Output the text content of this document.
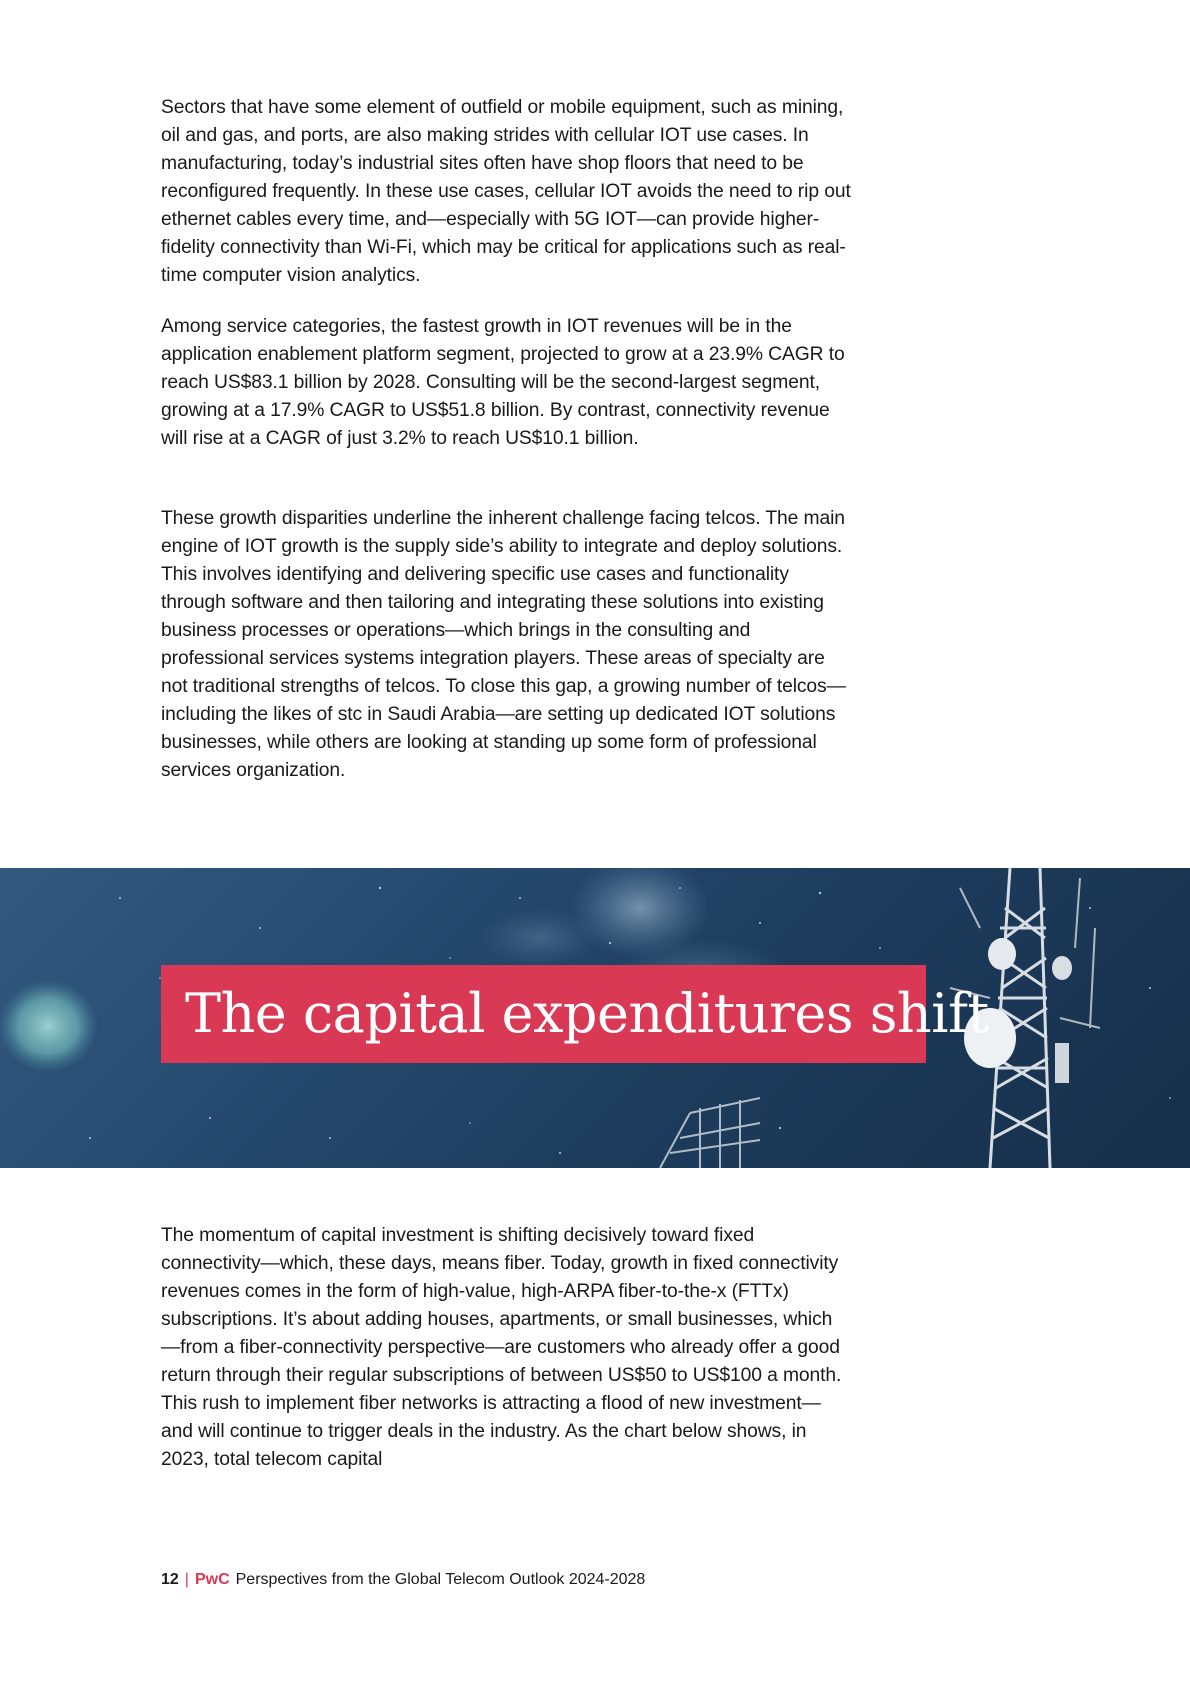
Sectors that have some element of outfield or mobile equipment, such as mining, oil and gas, and ports, are also making strides with cellular IOT use cases. In manufacturing, today’s industrial sites often have shop floors that need to be reconfigured frequently. In these use cases, cellular IOT avoids the need to rip out ethernet cables every time, and—especially with 5G IOT—can provide higher-fidelity connectivity than Wi-Fi, which may be critical for applications such as real-time computer vision analytics.

Among service categories, the fastest growth in IOT revenues will be in the application enablement platform segment, projected to grow at a 23.9% CAGR to reach US$83.1 billion by 2028. Consulting will be the second-largest segment, growing at a 17.9% CAGR to US$51.8 billion. By contrast, connectivity revenue will rise at a CAGR of just 3.2% to reach US$10.1 billion.

These growth disparities underline the inherent challenge facing telcos. The main engine of IOT growth is the supply side’s ability to integrate and deploy solutions. This involves identifying and delivering specific use cases and functionality through software and then tailoring and integrating these solutions into existing business processes or operations—which brings in the consulting and professional services systems integration players. These areas of specialty are not traditional strengths of telcos. To close this gap, a growing number of telcos—including the likes of stc in Saudi Arabia—are setting up dedicated IOT solutions businesses, while others are looking at standing up some form of professional services organization.

The capital expenditures shift

The momentum of capital investment is shifting decisively toward fixed connectivity—which, these days, means fiber. Today, growth in fixed connectivity revenues comes in the form of high-value, high-ARPA fiber-to-the-x (FTTx) subscriptions. It’s about adding houses, apartments, or small businesses, which—from a fiber-connectivity perspective—are customers who already offer a good return through their regular subscriptions of between US$50 to US$100 a month. This rush to implement fiber networks is attracting a flood of new investment—and will continue to trigger deals in the industry. As the chart below shows, in 2023, total telecom capital

12 | PwC Perspectives from the Global Telecom Outlook 2024-2028
